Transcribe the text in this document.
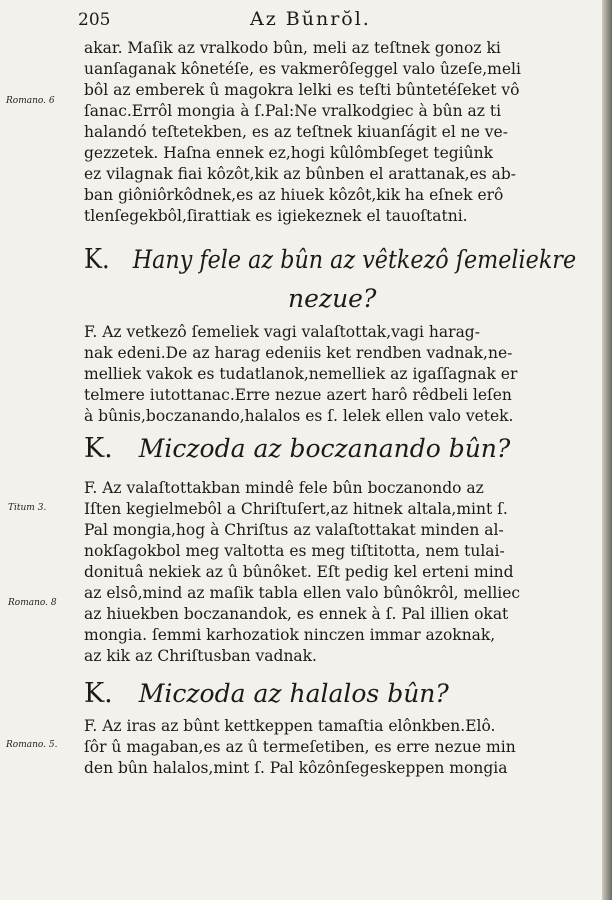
205	Az Bŭnrŏl.
Romano. 6
Titum 3.
Romano. 8
Romano. 5.
akar. Maſik az vralkodo bûn, meli az teſtnek gonoz ki
uanſaganak kônetéſe, es vakmerôſeggel valo ûzeſe,meli
bôl az emberek û magokra lelki es teſti bûntetéſeket vô
ſanac.Errôl mongia à ſ.Pal:Ne vralkodgiec à bûn az ti
halandó teſtetekben, es az teſtnek kiuanſágit el ne ve-
gezzetek. Haſna ennek ez,hogi kûlômbſeget tegiûnk
ez vilagnak fiai kôzôt,kik az bûnben el arattanak,es ab-
ban giôniôrkôdnek,es az hiuek kôzôt,kik ha eſnek erô
tlenſegekbôl,ſirattiak es igiekeznek el tauoſtatni.
K. Hany fele az bûn az vêtkezô ſemeliekre
nezue?
F. Az vetkezô ſemeliek vagi valaſtottak,vagi harag-
nak edeni.De az harag edeniis ket rendben vadnak,ne-
melliek vakok es tudatlanok,nemelliek az igaſſagnak er
telmere iutottanac.Erre nezue azert harô rêdbeli leſen
à bûnis,boczanando,halalos es ſ. lelek ellen valo vetek.
K. Miczoda az boczanando bûn?
F. Az valaſtottakban mindê fele bûn boczanondo az
Iſten kegielmebôl a Chriſtuſert,az hitnek altala,mint ſ.
Pal mongia,hog à Chriſtus az valaſtottakat minden al-
nokſagokbol meg valtotta es meg tiſtitotta, nem tulai-
donituâ nekiek az û bûnôket. Eſt pedig kel erteni mind
az elsô,mind az maſik tabla ellen valo bûnôkrôl, melliec
az hiuekben boczanandok, es ennek à ſ. Pal illien okat
mongia. ſemmi karhozatiok ninczen immar azoknak,
az kik az Chriſtusban vadnak.
K. Miczoda az halalos bûn?
F. Az iras az bûnt kettkeppen tamaſtia elônkben.Elô.
ſôr û magaban,es az û termeſetiben, es erre nezue min
den bûn halalos,mint ſ. Pal kôzônſegeskeppen mongia
